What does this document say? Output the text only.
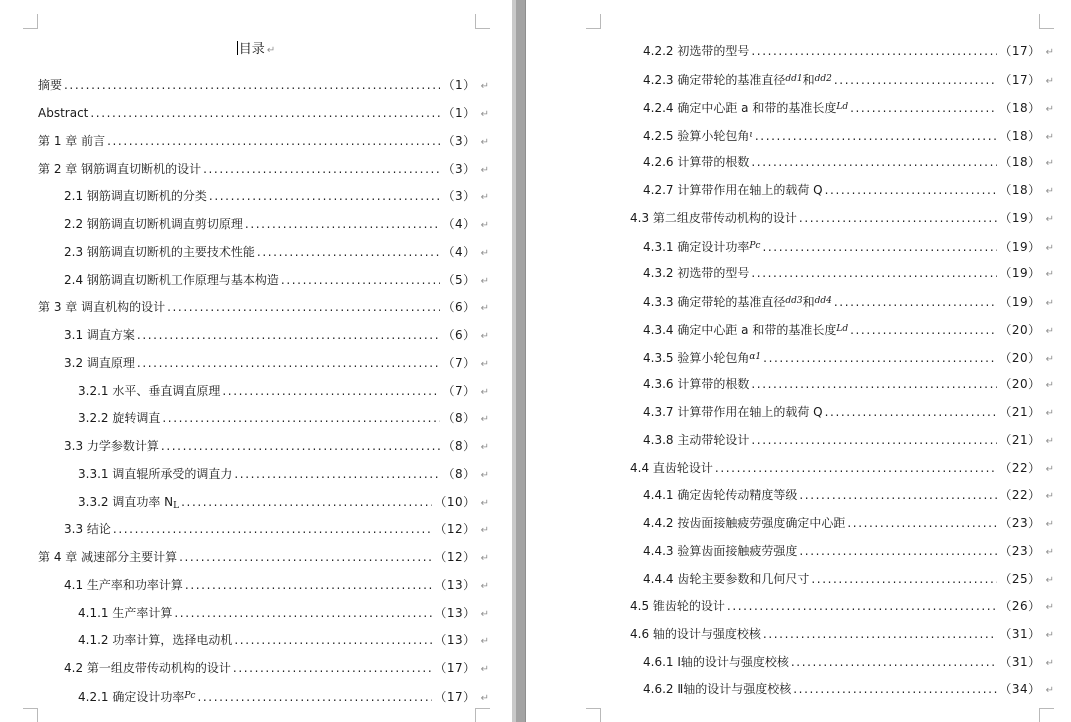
目录 ↵
摘要 .....	（1） ↵
Abstract .....	（1） ↵
第 1 章 前言 .....	（3） ↵
第 2 章 钢筋调直切断机的设计 .....	（3） ↵
2.1 钢筋调直切断机的分类 .....	（3） ↵
2.2 钢筋调直切断机调直剪切原理 .....	（4） ↵
2.3 钢筋调直切断机的主要技术性能 .....	（4） ↵
2.4 钢筋调直切断机工作原理与基本构造 .....	（5） ↵
第 3 章 调直机构的设计 .....	（6） ↵
3.1 调直方案 .....	（6） ↵
3.2 调直原理 .....	（7） ↵
3.2.1 水平、垂直调直原理 .....	（7） ↵
3.2.2 旋转调直 .....	（8） ↵
3.3 力学参数计算 .....	（8） ↵
3.3.1 调直辊所承受的调直力 .....	（8） ↵
3.3.2 调直功率 NL .....	（10） ↵
3.3 结论 .....	（12） ↵
第 4 章 减速部分主要计算 .....	（12） ↵
4.1 生产率和功率计算 .....	（13） ↵
4.1.1 生产率计算 .....	（13） ↵
4.1.2 功率计算，选择电动机 .....	（13） ↵
4.2 第一组皮带传动机构的设计 .....	（17） ↵
4.2.1 确定设计功率$^{Pc}$ .....	（17） ↵
4.2.2 初选带的型号 .....	（17） ↵
4.2.3 确定带轮的基准直径$^{dd1}$和$^{dd2}$ .....	（17） ↵
4.2.4 确定中心距 a 和带的基准长度$^{Ld}$ .....	（18） ↵
4.2.5 验算小轮包角$^\iota$ .....	（18） ↵
4.2.6 计算带的根数 .....	（18） ↵
4.2.7 计算带作用在轴上的载荷 Q .....	（18） ↵
4.3 第二组皮带传动机构的设计 .....	（19） ↵
4.3.1 确定设计功率$^{Pc}$ .....	（19） ↵
4.3.2 初选带的型号 .....	（19） ↵
4.3.3 确定带轮的基准直径$^{dd3}$和$^{dd4}$ .....	（19） ↵
4.3.4 确定中心距 a 和带的基准长度$^{Ld}$ .....	（20） ↵
4.3.5 验算小轮包角$^{\alpha 1}$ .....	（20） ↵
4.3.6 计算带的根数 .....	（20） ↵
4.3.7 计算带作用在轴上的载荷 Q .....	（21） ↵
4.3.8 主动带轮设计 .....	（21） ↵
4.4 直齿轮设计 .....	（22） ↵
4.4.1 确定齿轮传动精度等级 .....	（22） ↵
4.4.2 按齿面接触疲劳强度确定中心距 .....	（23） ↵
4.4.3 验算齿面接触疲劳强度 .....	（23） ↵
4.4.4 齿轮主要参数和几何尺寸 .....	（25） ↵
4.5 锥齿轮的设计 .....	（26） ↵
4.6 轴的设计与强度校核 .....	（31） ↵
4.6.1 Ⅰ轴的设计与强度校核 .....	（31） ↵
4.6.2 Ⅱ轴的设计与强度校核 .....	（34） ↵
